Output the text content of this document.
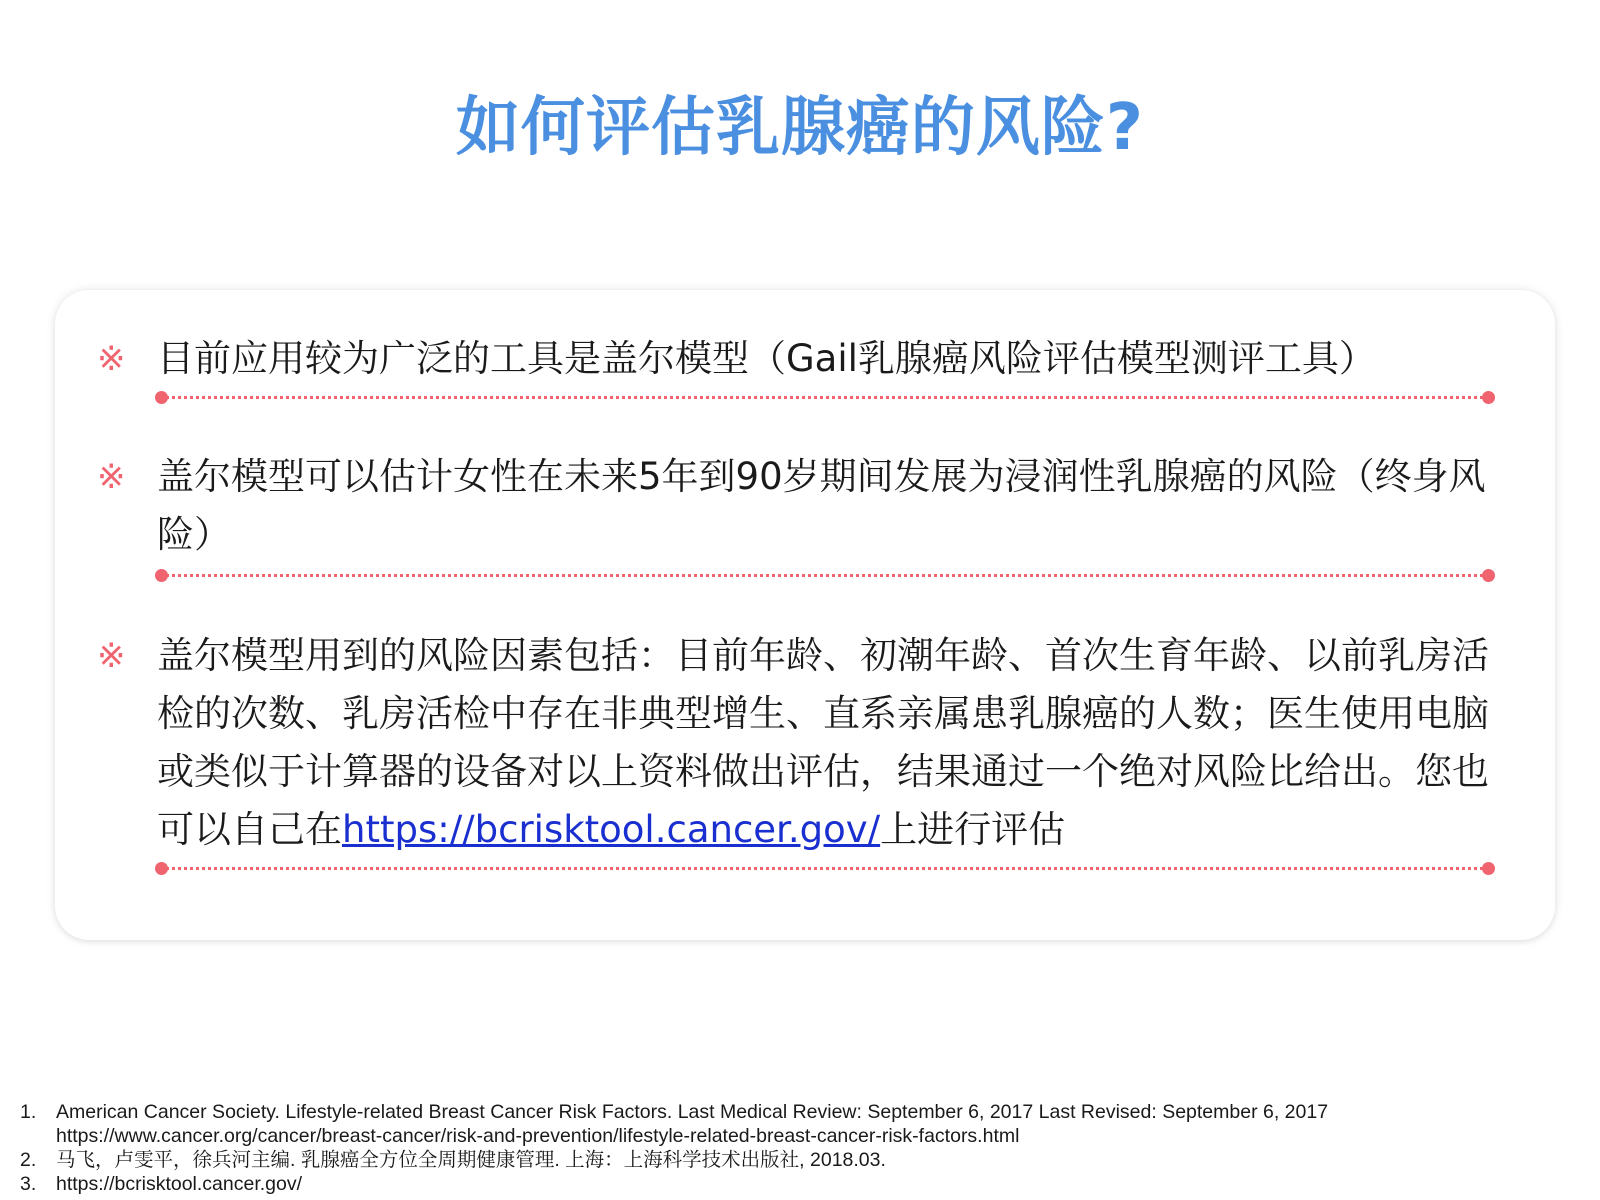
如何评估乳腺癌的风险?
※ 目前应用较为广泛的工具是盖尔模型（Gail乳腺癌风险评估模型测评工具）
※ 盖尔模型可以估计女性在未来5年到90岁期间发展为浸润性乳腺癌的风险（终身风险）
※ 盖尔模型用到的风险因素包括：目前年龄、初潮年龄、首次生育年龄、以前乳房活检的次数、乳房活检中存在非典型增生、直系亲属患乳腺癌的人数；医生使用电脑或类似于计算器的设备对以上资料做出评估，结果通过一个绝对风险比给出。您也可以自己在https://bcrisktool.cancer.gov/上进行评估
1. American Cancer Society. Lifestyle-related Breast Cancer Risk Factors. Last Medical Review: September 6, 2017 Last Revised: September 6, 2017
https://www.cancer.org/cancer/breast-cancer/risk-and-prevention/lifestyle-related-breast-cancer-risk-factors.html
2. 马飞，卢雯平，徐兵河主编. 乳腺癌全方位全周期健康管理. 上海：上海科学技术出版社, 2018.03.
3. https://bcrisktool.cancer.gov/
